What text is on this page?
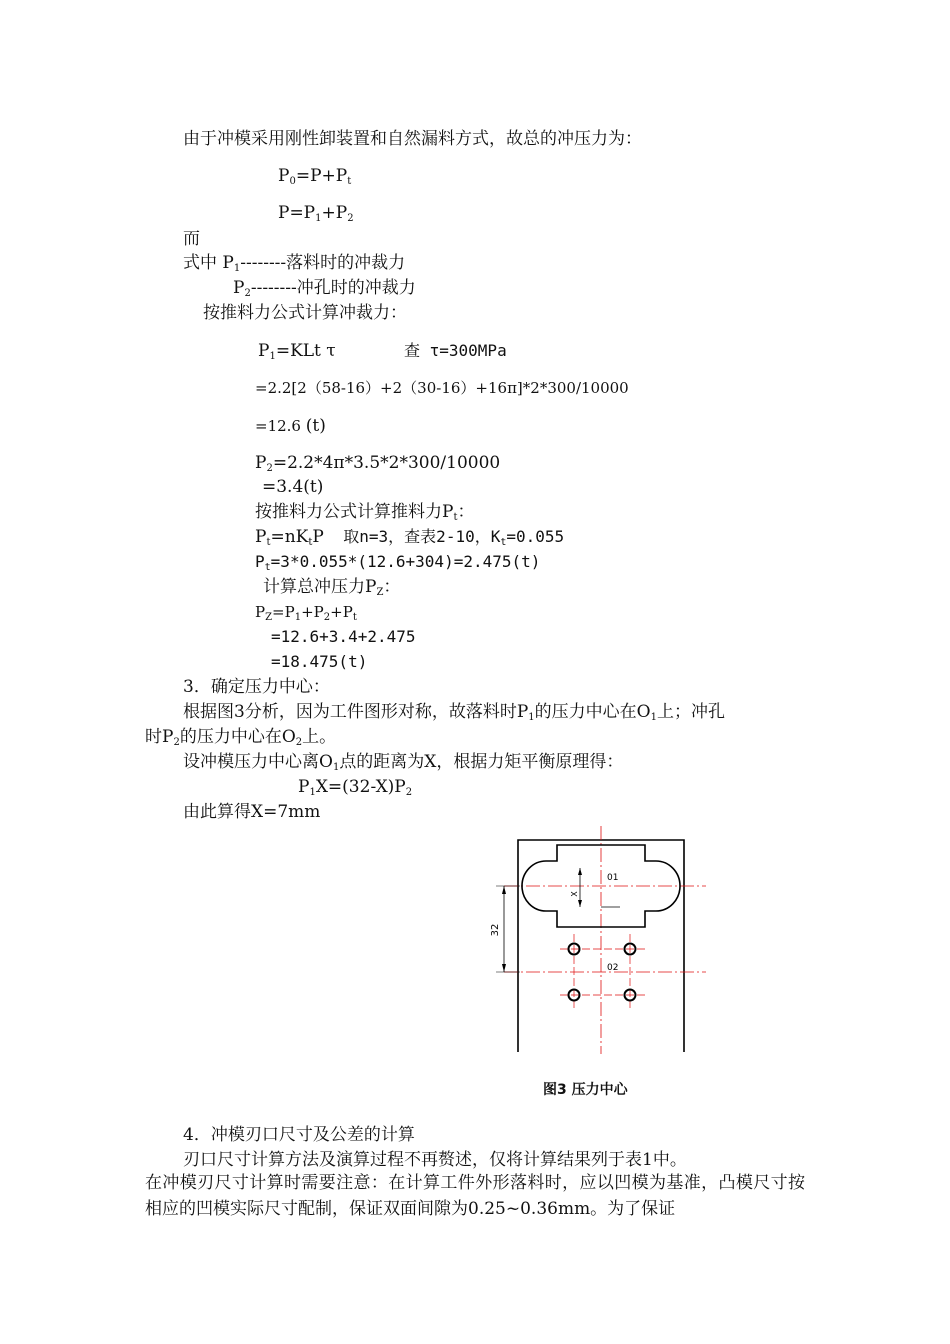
由于冲模采用刚性卸装置和自然漏料方式，故总的冲压力为：
$P_0=P+P_t$
$P=P_1+P_2$
而
式中 $P_1--------$落料时的冲裁力
$P_2--------$冲孔时的冲裁力
按推料力公式计算冲裁力：
$P_1=KLt$ τ	查 τ=300MPa
=2.2[2（58-16）+2（30-16）+16π]*2*300/10000
=12.6 (t)
$P_2=2.2*4\pi*3.5*2*300/10000$
=3.4(t)
按推料力公式计算推料力$P_t$：
$P_t=nK_tP$ 取n=3，查表2-10，$K_t=0.055$
$P_t=3*0.055*(12.6+304)=2.475(t)$
计算总冲压力$P_Z$：
$P_Z=P_1+P_2+P_t$
=12.6+3.4+2.475
=18.475(t)
3．确定压力中心：
根据图3分析，因为工件图形对称，故落料时$P_1$的压力中心在$O_1$上；冲孔
时$P_2$的压力中心在$O_2$上。
设冲模压力中心离$O_1$点的距离为X，根据力矩平衡原理得：
$P_1X=(32-X)P_2$
由此算得X=7mm
X
32
01
02
图3 压力中心
4．冲模刃口尺寸及公差的计算
刃口尺寸计算方法及演算过程不再赘述，仅将计算结果列于表1中。
在冲模刃尺寸计算时需要注意：在计算工件外形落料时，应以凹模为基准，凸模尺寸按相应的凹模实际尺寸配制，保证双面间隙为0.25~0.36mm。为了保证
